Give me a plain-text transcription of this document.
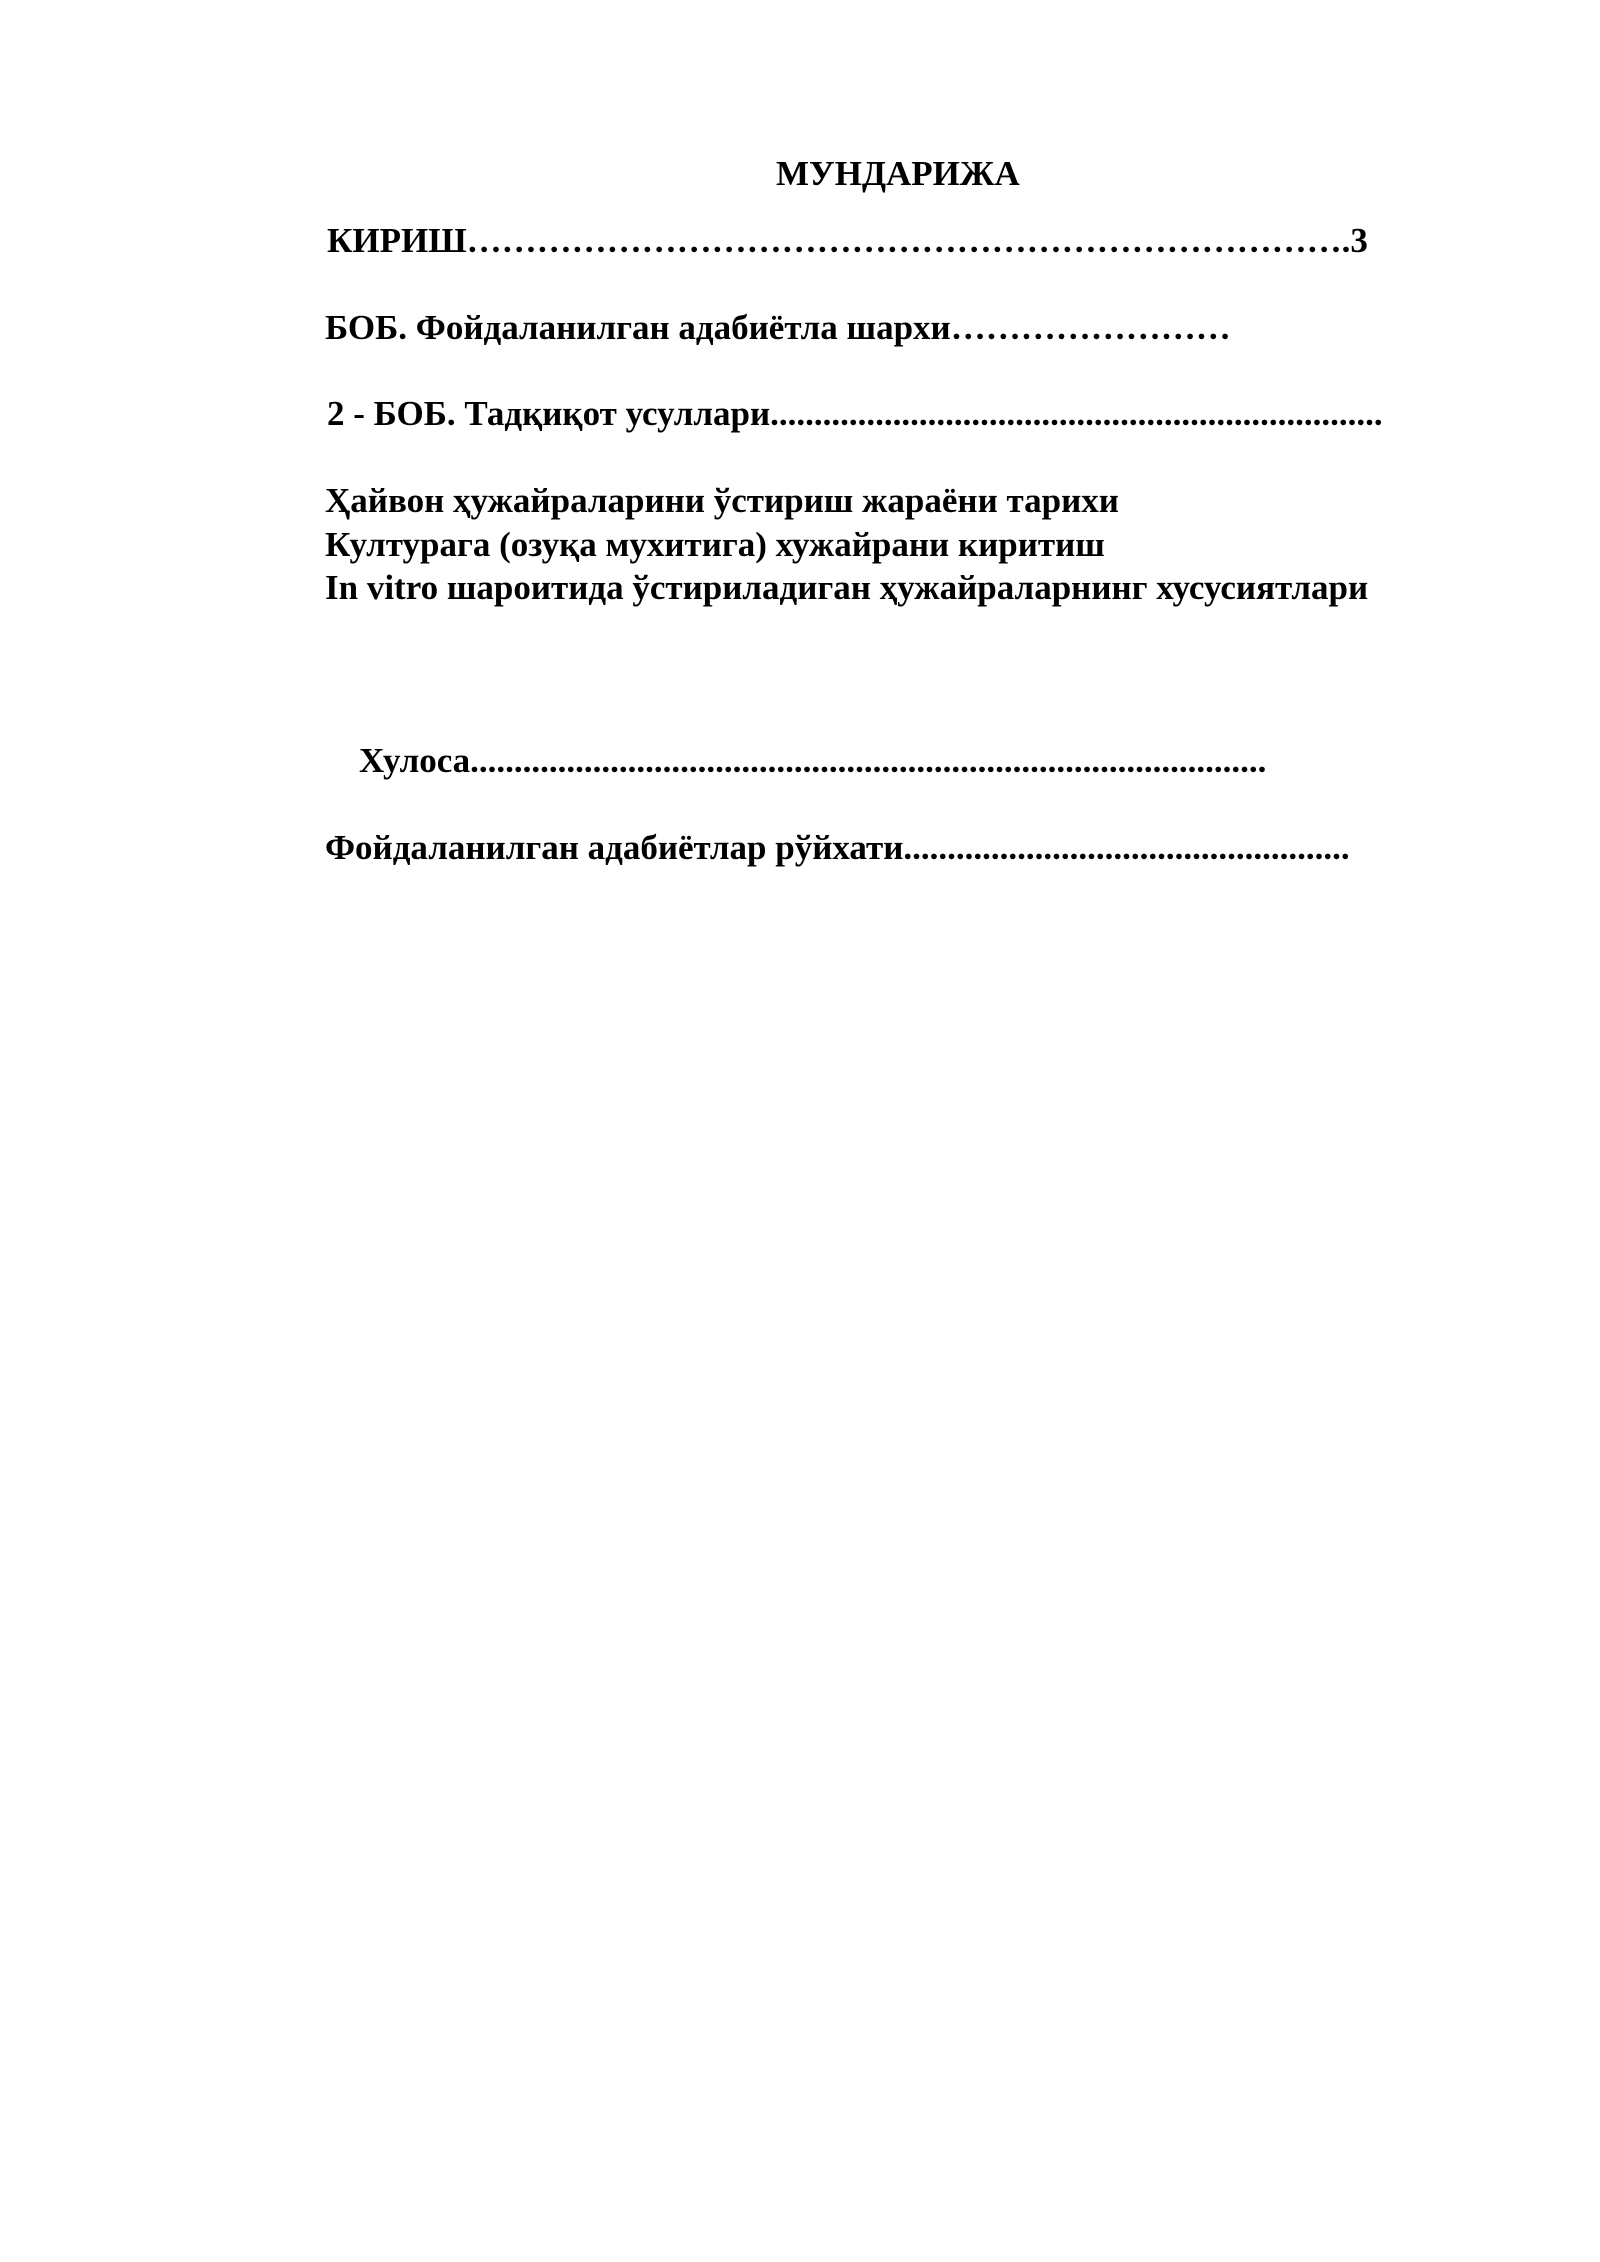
МУНДАРИЖА
КИРИШ………………………………………………………………….3
БОБ. Фойдаланилган адабиётла шархи……………………
2 - БОБ. Тадқиқот усуллари......................................................................
Ҳайвон ҳужайраларини ўстириш жараёни тарихи
Културага (озуқа мухитига) хужайрани киритиш
In vitro шароитида ўстириладиган ҳужайраларнинг хусусиятлари
Хулоса...........................................................................................
Фойдаланилган адабиётлар рўйхати...................................................
